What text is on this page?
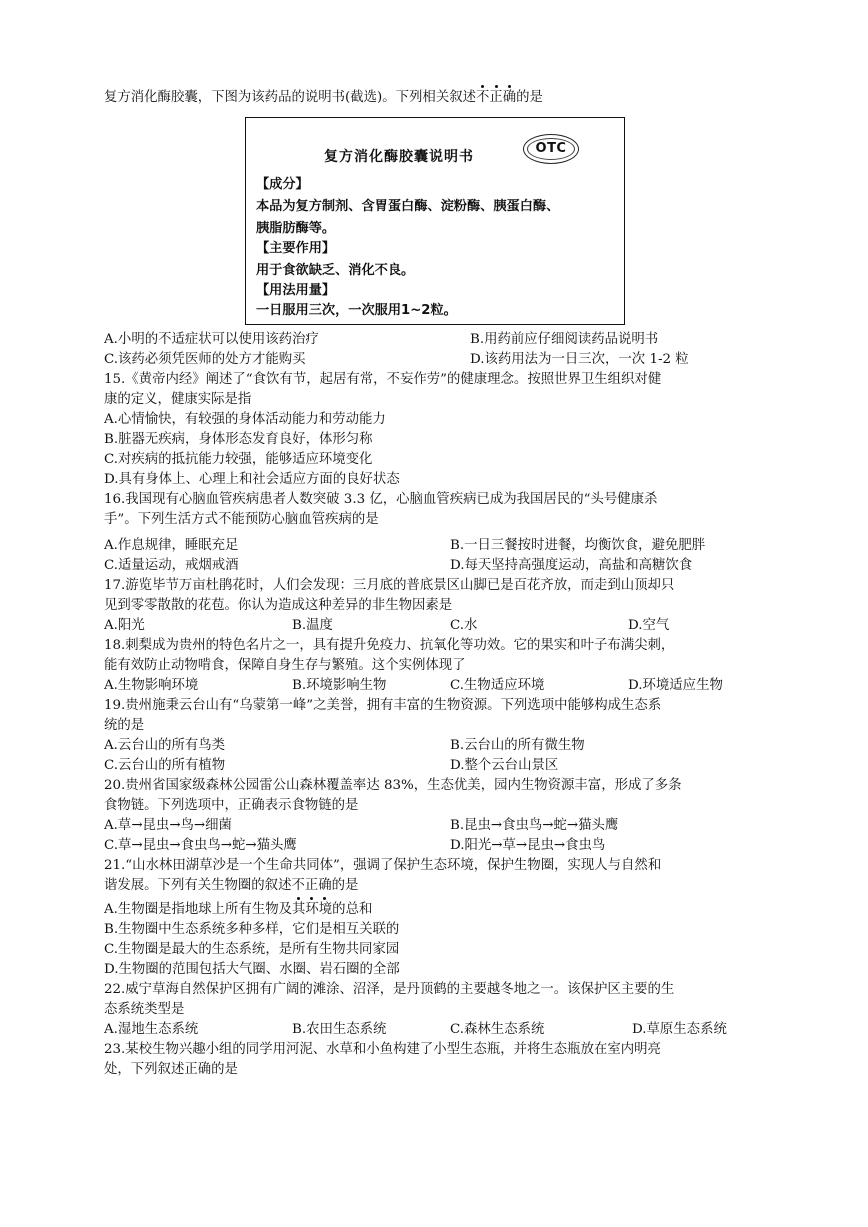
复方消化酶胶囊，下图为该药品的说明书(截选)。下列相关叙述不正确的是
复方消化酶胶囊说明书
OTC
【成分】
本品为复方制剂、含胃蛋白酶、淀粉酶、胰蛋白酶、
胰脂肪酶等。
【主要作用】
用于食欲缺乏、消化不良。
【用法用量】
一日服用三次，一次服用1~2粒。
A.小明的不适症状可以使用该药治疗	B.用药前应仔细阅读药品说明书
C.该药必须凭医师的处方才能购买	D.该药用法为一日三次，一次 1-2 粒
15.《黄帝内经》阐述了“食饮有节，起居有常，不妄作劳”的健康理念。按照世界卫生组织对健
康的定义，健康实际是指
A.心情愉快，有较强的身体活动能力和劳动能力
B.脏器无疾病，身体形态发育良好，体形匀称
C.对疾病的抵抗能力较强，能够适应环境变化
D.具有身体上、心理上和社会适应方面的良好状态
16.我国现有心脑血管疾病患者人数突破 3.3 亿，心脑血管疾病已成为我国居民的“头号健康杀
手”。下列生活方式不能预防心脑血管疾病的是
A.作息规律，睡眠充足	B.一日三餐按时进餐，均衡饮食，避免肥胖
C.适量运动，戒烟戒酒	D.每天坚持高强度运动，高盐和高糖饮食
17.游览毕节万亩杜鹃花时，人们会发现：三月底的普底景区山脚已是百花齐放，而走到山顶却只
见到零零散散的花苞。你认为造成这种差异的非生物因素是
A.阳光	B.温度	C.水	D.空气
18.刺梨成为贵州的特色名片之一，具有提升免疫力、抗氧化等功效。它的果实和叶子布满尖刺，
能有效防止动物啃食，保障自身生存与繁殖。这个实例体现了
A.生物影响环境	B.环境影响生物	C.生物适应环境	D.环境适应生物
19.贵州施秉云台山有“乌蒙第一峰”之美誉，拥有丰富的生物资源。下列选项中能够构成生态系
统的是
A.云台山的所有鸟类	B.云台山的所有微生物
C.云台山的所有植物	D.整个云台山景区
20.贵州省国家级森林公园雷公山森林覆盖率达 83%，生态优美，园内生物资源丰富，形成了多条
食物链。下列选项中，正确表示食物链的是
A.草→昆虫→鸟→细菌	B.昆虫→食虫鸟→蛇→猫头鹰
C.草→昆虫→食虫鸟→蛇→猫头鹰	D.阳光→草→昆虫→食虫鸟
21.“山水林田湖草沙是一个生命共同体”，强调了保护生态环境，保护生物圈，实现人与自然和
谐发展。下列有关生物圈的叙述不正确的是
A.生物圈是指地球上所有生物及其环境的总和
B.生物圈中生态系统多种多样，它们是相互关联的
C.生物圈是最大的生态系统，是所有生物共同家园
D.生物圈的范围包括大气圈、水圈、岩石圈的全部
22.威宁草海自然保护区拥有广阔的滩涂、沼泽，是丹顶鹤的主要越冬地之一。该保护区主要的生
态系统类型是
A.湿地生态系统	B.农田生态系统	C.森林生态系统	D.草原生态系统
23.某校生物兴趣小组的同学用河泥、水草和小鱼构建了小型生态瓶，并将生态瓶放在室内明亮
处，下列叙述正确的是
